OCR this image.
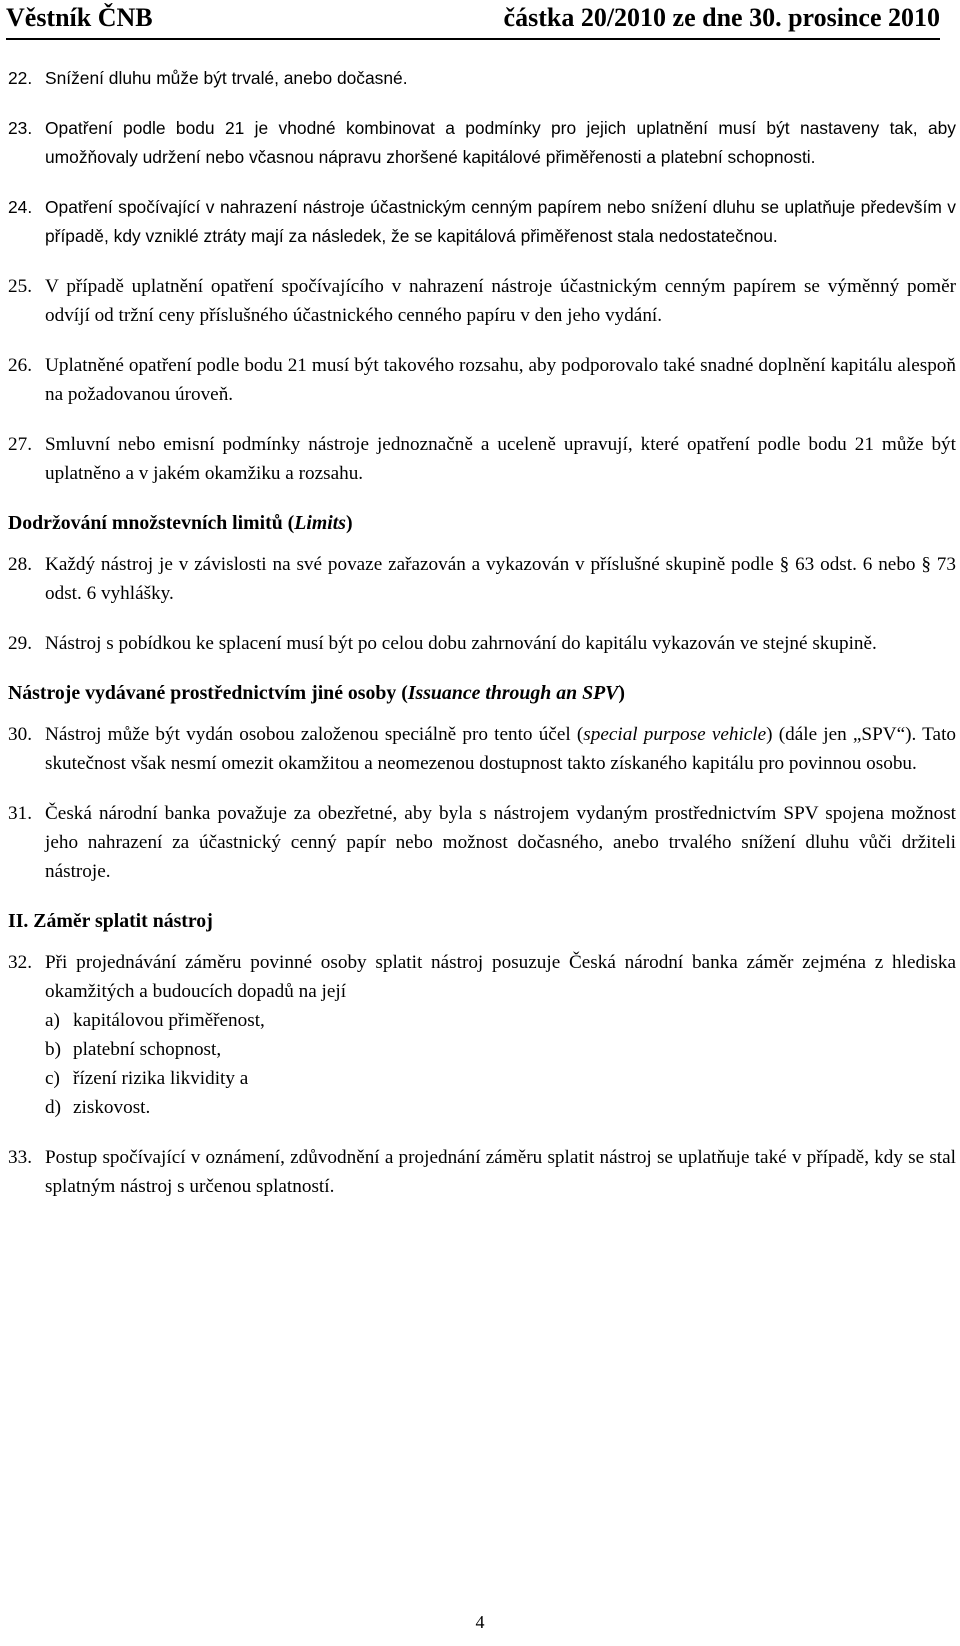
Věstník ČNB	částka 20/2010 ze dne 30. prosince 2010
22. Snížení dluhu může být trvalé, anebo dočasné.
23. Opatření podle bodu 21 je vhodné kombinovat a podmínky pro jejich uplatnění musí být nastaveny tak, aby umožňovaly udržení nebo včasnou nápravu zhoršené kapitálové přiměřenosti a platební schopnosti.
24. Opatření spočívající v nahrazení nástroje účastnickým cenným papírem nebo snížení dluhu se uplatňuje především v případě, kdy vzniklé ztráty mají za následek, že se kapitálová přiměřenost stala nedostatečnou.
25. V případě uplatnění opatření spočívajícího v nahrazení nástroje účastnickým cenným papírem se výměnný poměr odvíjí od tržní ceny příslušného účastnického cenného papíru v den jeho vydání.
26. Uplatněné opatření podle bodu 21 musí být takového rozsahu, aby podporovalo také snadné doplnění kapitálu alespoň na požadovanou úroveň.
27. Smluvní nebo emisní podmínky nástroje jednoznačně a uceleně upravují, které opatření podle bodu 21 může být uplatněno a v jakém okamžiku a rozsahu.
Dodržování množstevních limitů (Limits)
28. Každý nástroj je v závislosti na své povaze zařazován a vykazován v příslušné skupině podle § 63 odst. 6 nebo § 73 odst. 6 vyhlášky.
29. Nástroj s pobídkou ke splacení musí být po celou dobu zahrnování do kapitálu vykazován ve stejné skupině.
Nástroje vydávané prostřednictvím jiné osoby (Issuance through an SPV)
30. Nástroj může být vydán osobou založenou speciálně pro tento účel (special purpose vehicle) (dále jen „SPV“). Tato skutečnost však nesmí omezit okamžitou a neomezenou dostupnost takto získaného kapitálu pro povinnou osobu.
31. Česká národní banka považuje za obezřetné, aby byla s nástrojem vydaným prostřednictvím SPV spojena možnost jeho nahrazení za účastnický cenný papír nebo možnost dočasného, anebo trvalého snížení dluhu vůči držiteli nástroje.
II. Záměr splatit nástroj
32. Při projednávání záměru povinné osoby splatit nástroj posuzuje Česká národní banka záměr zejména z hlediska okamžitých a budoucích dopadů na její
a) kapitálovou přiměřenost,
b) platební schopnost,
c) řízení rizika likvidity a
d) ziskovost.
33. Postup spočívající v oznámení, zdůvodnění a projednání záměru splatit nástroj se uplatňuje také v případě, kdy se stal splatným nástroj s určenou splatností.
4
